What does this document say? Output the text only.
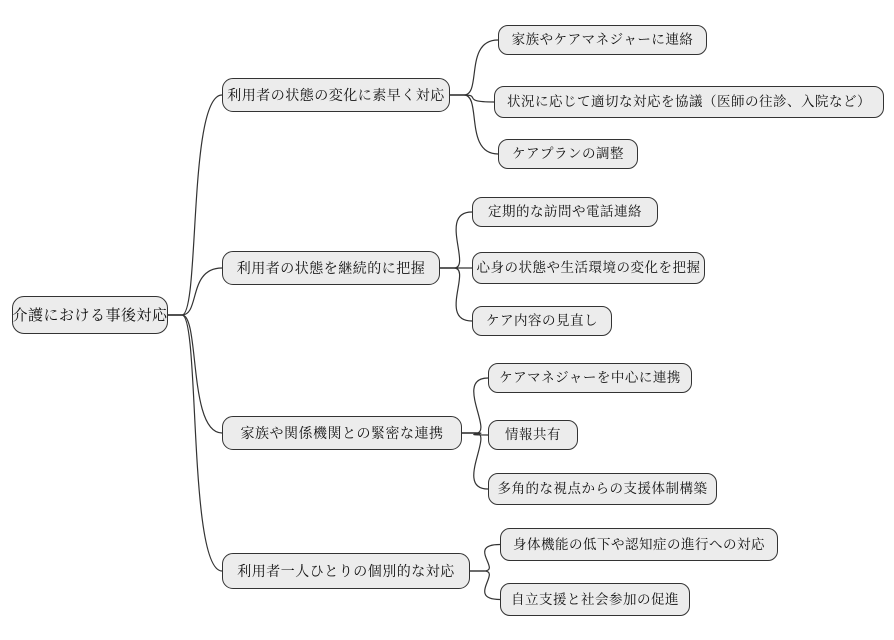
介護における事後対応
利用者の状態の変化に素早く対応
家族やケアマネジャーに連絡
状況に応じて適切な対応を協議（医師の往診、入院など）
ケアプランの調整
利用者の状態を継続的に把握
定期的な訪問や電話連絡
心身の状態や生活環境の変化を把握
ケア内容の見直し
家族や関係機関との緊密な連携
ケアマネジャーを中心に連携
情報共有
多角的な視点からの支援体制構築
利用者一人ひとりの個別的な対応
身体機能の低下や認知症の進行への対応
自立支援と社会参加の促進
